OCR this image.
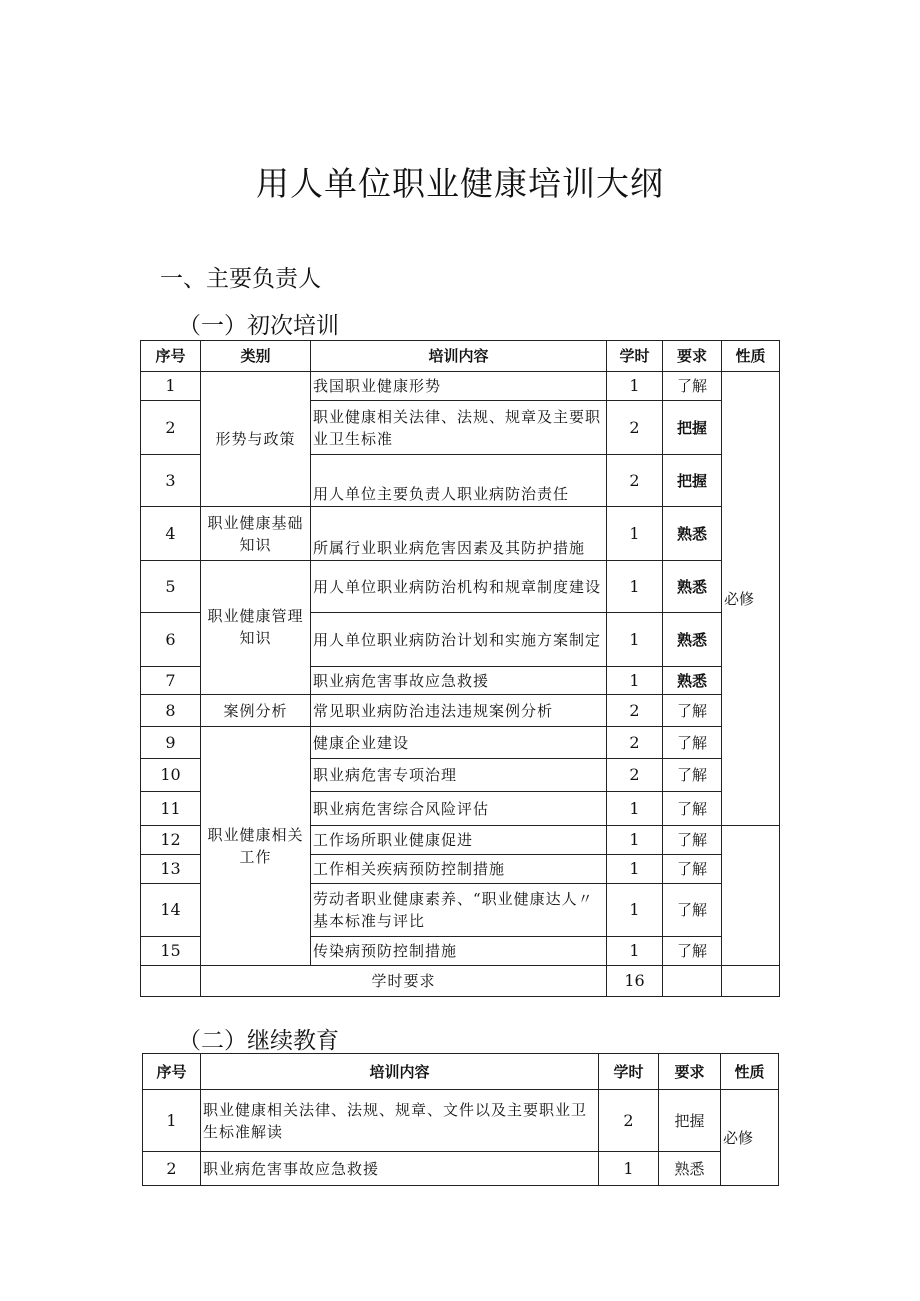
用人单位职业健康培训大纲
一、主要负责人
（一）初次培训
序号	类别	培训内容	学时	要求	性质	
1	形势与政策	我国职业健康形势	1	了解	必修	
2		职业健康相关法律、法规、规章及主要职业卫生标准	2	把握		
3		用人单位主要负责人职业病防治责任	2	把握		
4	职业健康基础知识	所属行业职业病危害因素及其防护措施	1	熟悉		
5	职业健康管理知识	用人单位职业病防治机构和规章制度建设	1	熟悉		
6		用人单位职业病防治计划和实施方案制定	1	熟悉		
7		职业病危害事故应急救援	1	熟悉		
8	案例分析	常见职业病防治违法违规案例分析	2	了解	
9	职业健康相关工作	健康企业建设	2	了解		
10		职业病危害专项治理	2	了解		
11		职业病危害综合风险评估	1	了解		
12		工作场所职业健康促进	1	了解		
13		工作相关疾病预防控制措施	1	了解		
14		劳动者职业健康素养、“职业健康达人〃基本标准与评比	1	了解		
15		传染病预防控制措施	1	了解		
	学时要求		16			
（二）继续教育
序号	培训内容	学时	要求	性质
1	职业健康相关法律、法规、规章、文件以及主要职业卫生标准解读	2	把握	必修
2	职业病危害事故应急救援	1	熟悉	
